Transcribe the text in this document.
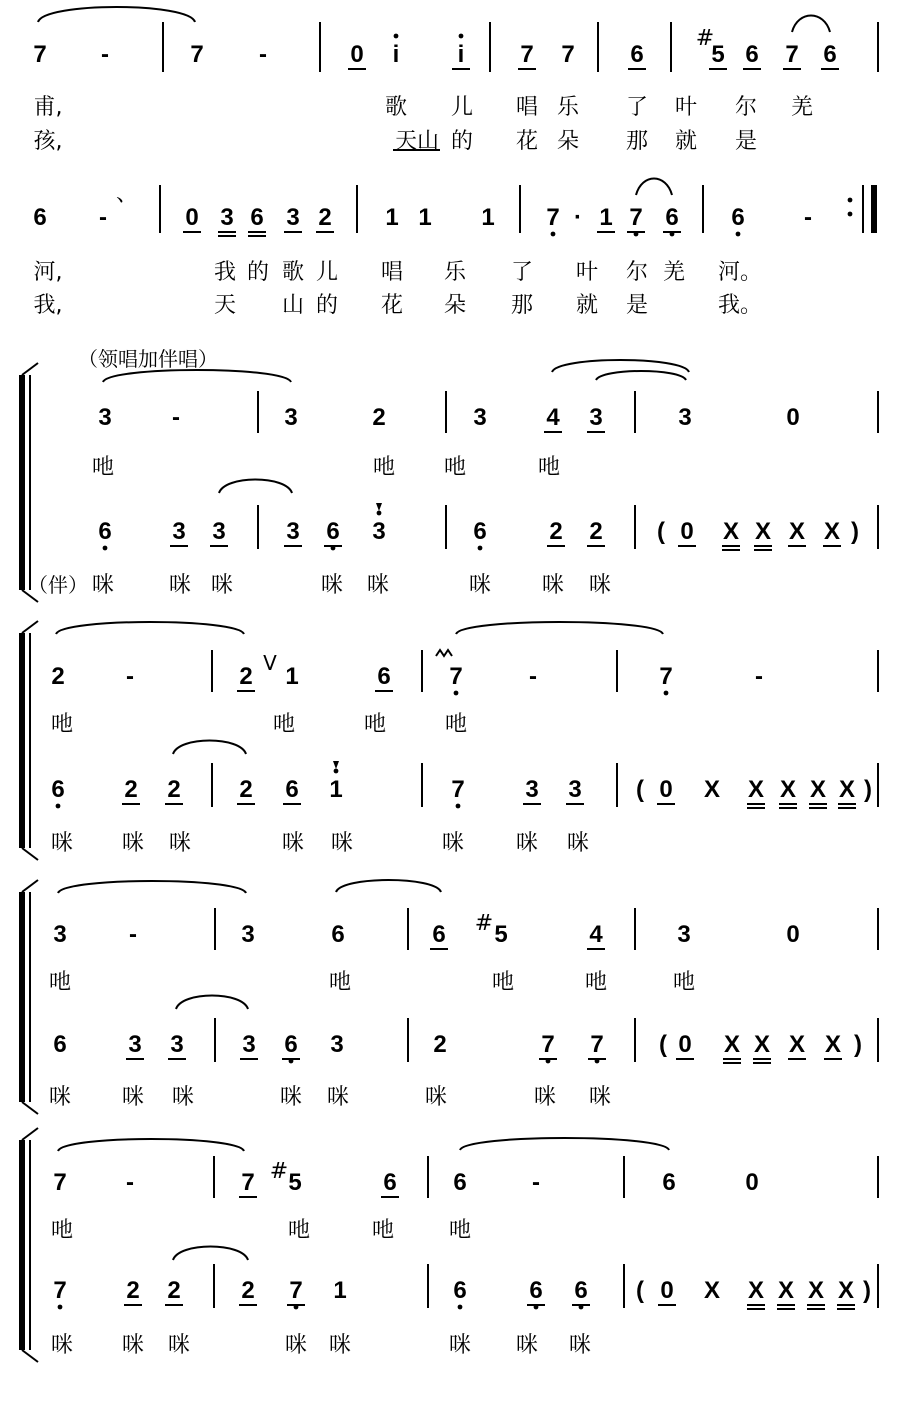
7 -	7 -	0 i i 7 7 6	5 6 7 6
#
甫,	歌 儿 唱 乐 了 叶 尔 羌
孩,	天山 的 花 朵 那 就 是
6 -	0 3 6 3 2 1 1 1 7 · 1 7 6 6 -
、
河,	我 的 歌 儿 唱 乐 了 叶 尔 羌 河。
我,	天 山 的 花 朵 那 就 是	我。
（领唱加伴唱）
3	-	3	2	3 4 3	3	0
6	3 3	3 6 3	6	2 2 ( 0 X X X X )
吔	吔 吔	吔
咪 咪 咪	咪 咪	咪 咪 咪
（伴）
2	-	2 1	6 7	-	7	-
6 2 2 2 6 1	7	3 3 ( 0 X X X X X )
吔	吔	吔	吔
咪 咪 咪	咪 咪	咪 咪 咪
V
3	-	3	6	6 5	4	3	0
6	3 3 3 6 3	2	7 7 ( 0 X X X X )
吔	吔	吔	吔	吔
咪 咪 咪	咪 咪	咪	咪 咪
#
7 -	7 5	6 6	-	6	0
7 2 2	2 7 1	6	6 6 ( 0 X X X X X )
吔	吔	吔 吔
咪 咪 咪	咪 咪	咪 咪 咪
#
